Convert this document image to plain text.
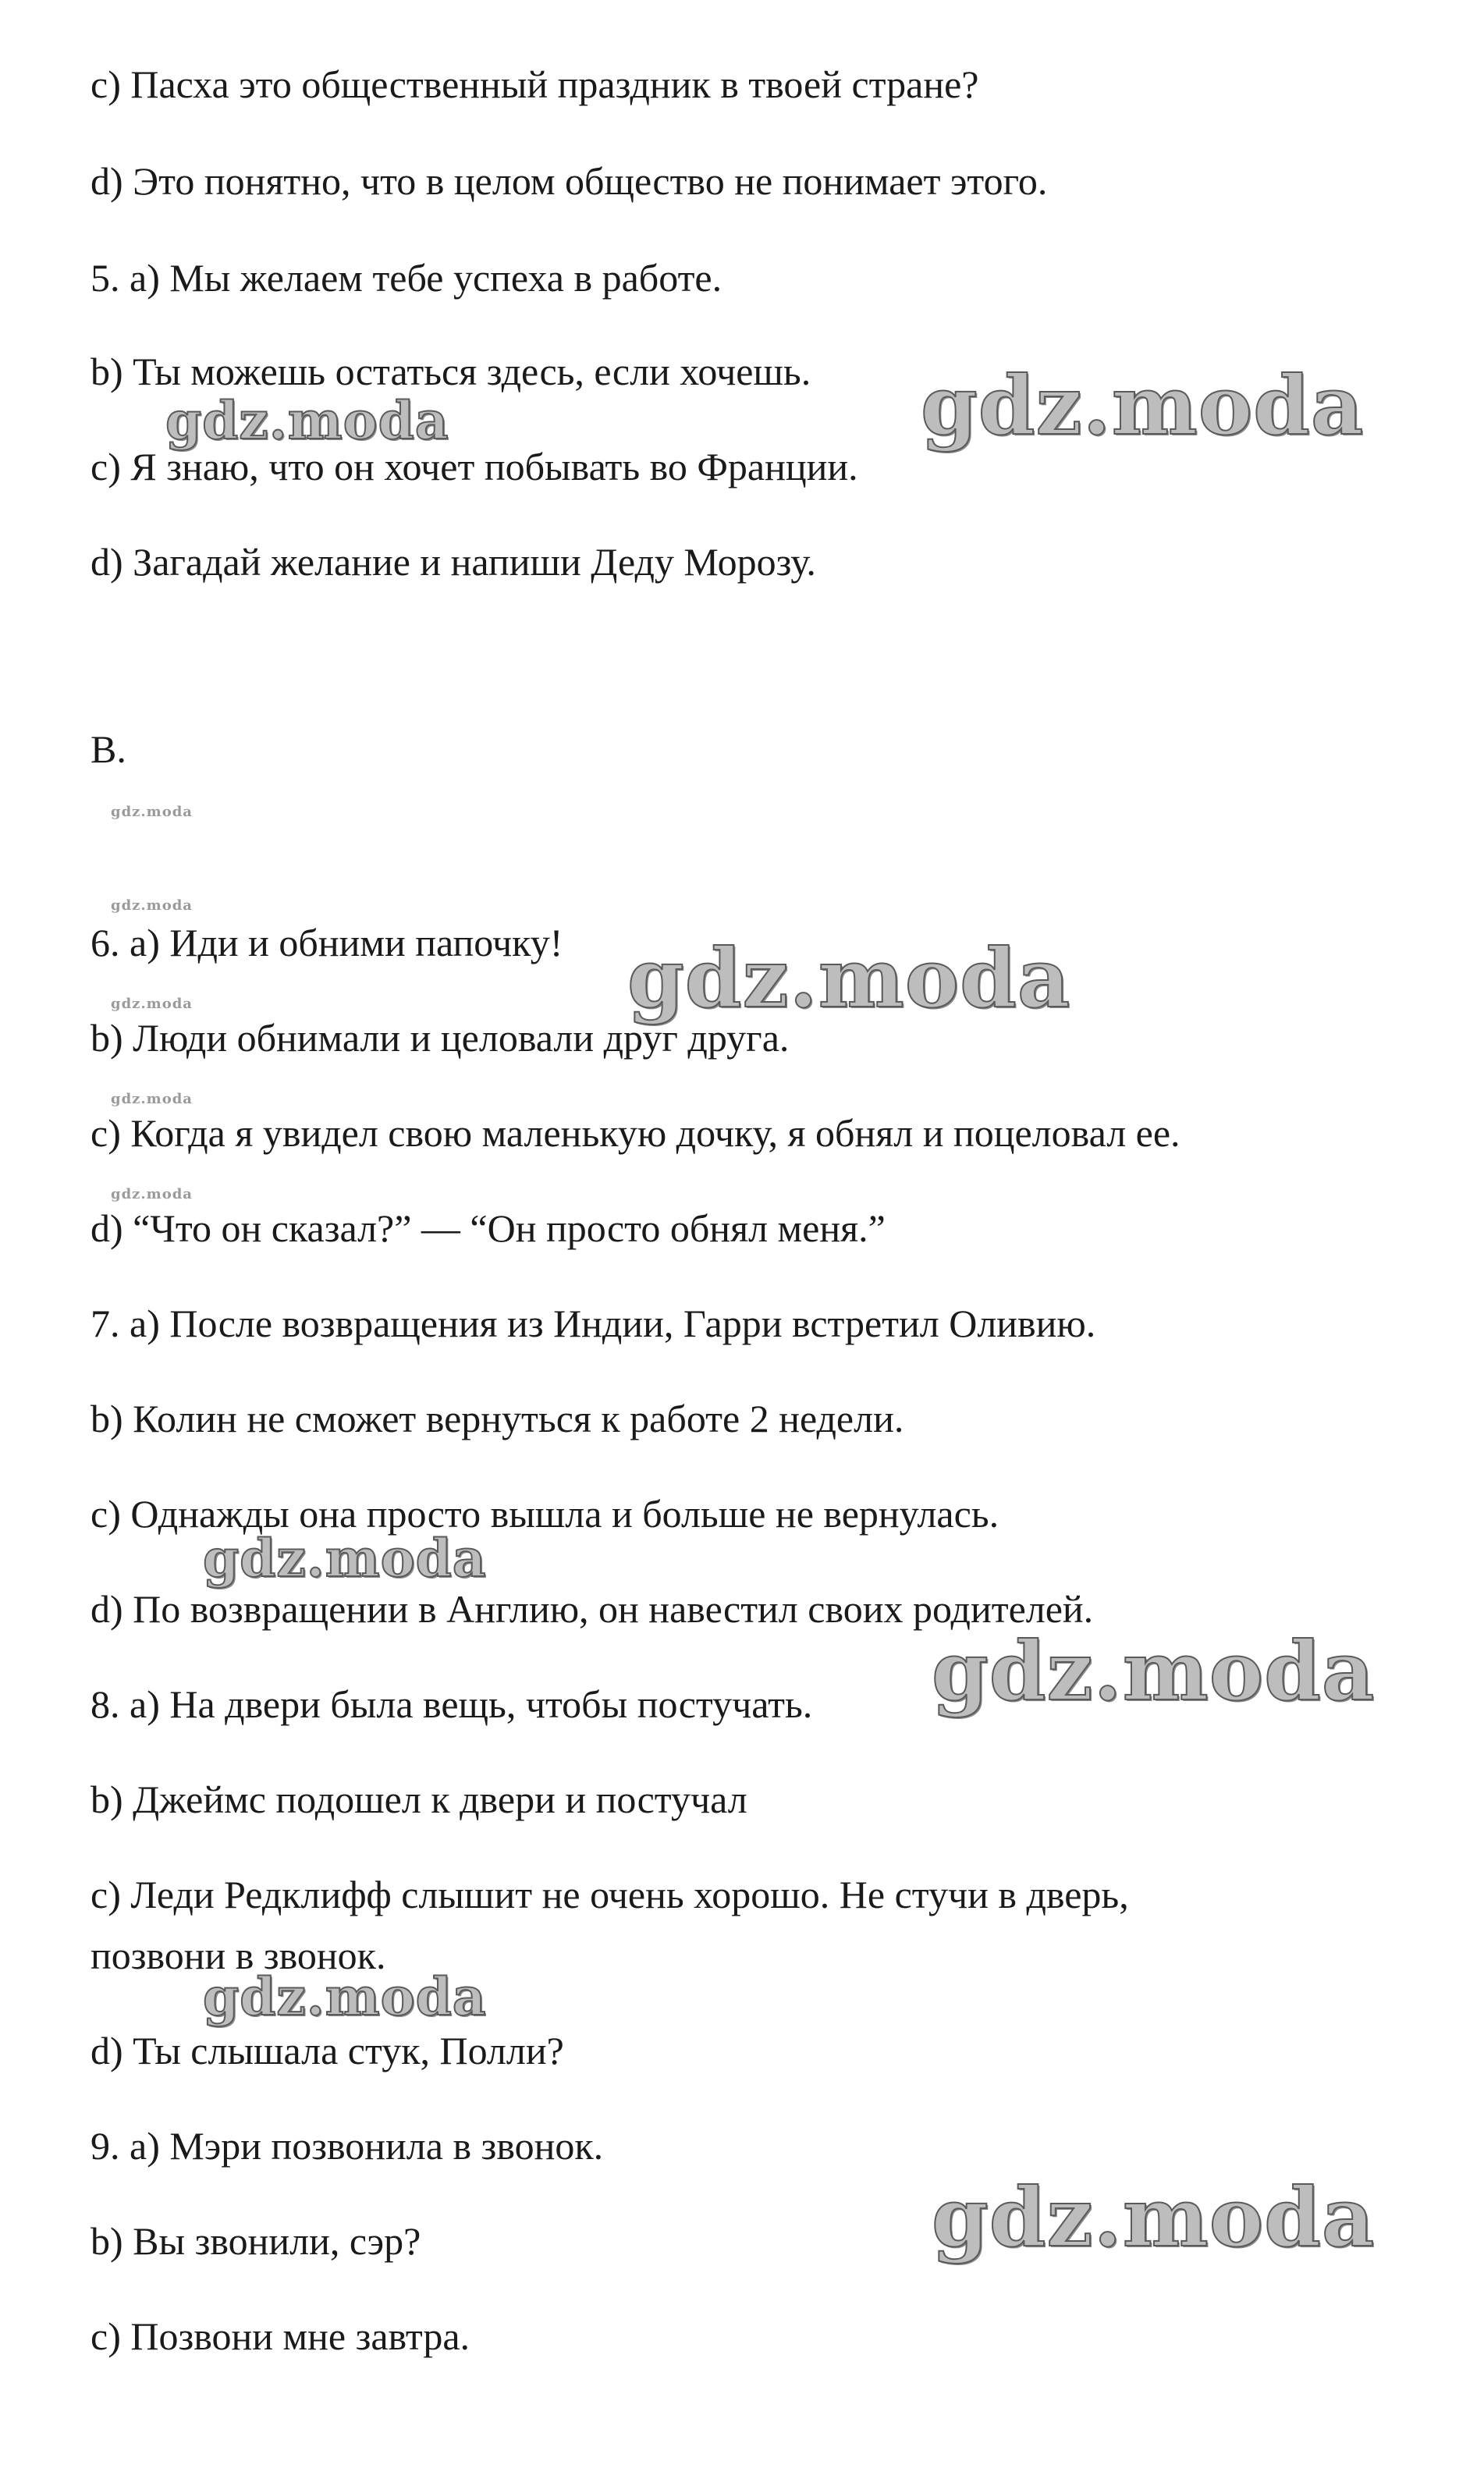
c) Пасха это общественный праздник в твоей стране?
d) Это понятно, что в целом общество не понимает этого.
5. a) Мы желаем тебе успеха в работе.
b) Ты можешь остаться здесь, если хочешь.
c) Я знаю, что он хочет побывать во Франции.
d) Загадай желание и напиши Деду Морозу.
B.
6. a) Иди и обними папочку!
b) Люди обнимали и целовали друг друга.
c) Когда я увидел свою маленькую дочку, я обнял и поцеловал ее.
d) “Что он сказал?” — “Он просто обнял меня.”
7. a) После возвращения из Индии, Гарри встретил Оливию.
b) Колин не сможет вернуться к работе 2 недели.
c) Однажды она просто вышла и больше не вернулась.
d) По возвращении в Англию, он навестил своих родителей.
8. a) На двери была вещь, чтобы постучать.
b) Джеймс подошел к двери и постучал
c) Леди Редклифф слышит не очень хорошо. Не стучи в дверь,
позвони в звонок.
d) Ты слышала стук, Полли?
9. a) Мэри позвонила в звонок.
b) Вы звонили, сэр?
c) Позвони мне завтра.
gdz.moda
gdz.moda
gdz.moda
gdz.moda
gdz.moda
gdz.moda
gdz.moda
gdz.moda
gdz.moda
gdz.moda
gdz.moda
gdz.moda
